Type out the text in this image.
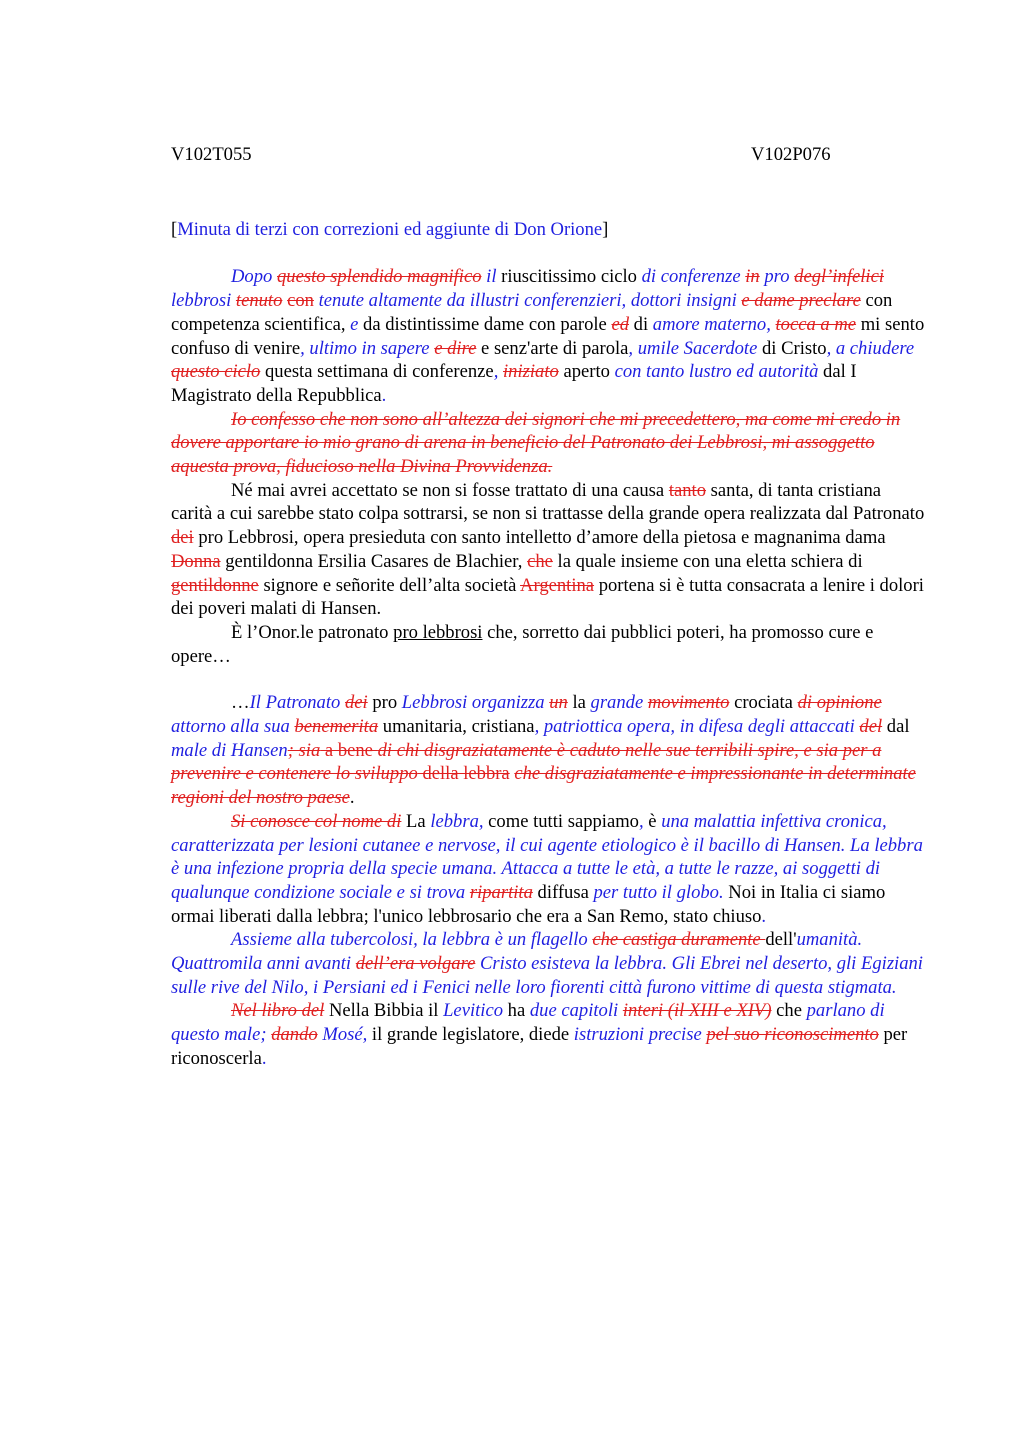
V102T055	V102P076
[Minuta di terzi con correzioni ed aggiunte di Don Orione]

Dopo questo splendido magnifico il riuscitissimo ciclo di conferenze in pro degl’infelici lebbrosi tenuto con tenute altamente da illustri conferenzieri, dottori insigni e dame preclare con competenza scientifica, e da distintissime dame con parole ed di amore materno, tocca a me mi sento confuso di venire, ultimo in sapere e dire e senz'arte di parola, umile Sacerdote di Cristo, a chiudere questo ciclo questa settimana di conferenze, iniziato aperto con tanto lustro ed autorità dal I Magistrato della Repubblica.

Io confesso che non sono all’altezza dei signori che mi precedettero, ma come mi credo in dovere apportare io mio grano di arena in beneficio del Patronato dei Lebbrosi, mi assoggetto aquesta prova, fiducioso nella Divina Provvidenza.

Né mai avrei accettato se non si fosse trattato di una causa tanto santa, di tanta cristiana carità a cui sarebbe stato colpa sottrarsi, se non si trattasse della grande opera realizzata dal Patronato dei pro Lebbrosi, opera presieduta con santo intelletto d’amore della pietosa e magnanima dama Donna gentildonna Ersilia Casares de Blachier, che la quale insieme con una eletta schiera di gentildonne signore e señorite dell’alta società Argentina portena si è tutta consacrata a lenire i dolori dei poveri malati di Hansen.

È l’Onor.le patronato pro lebbrosi che, sorretto dai pubblici poteri, ha promosso cure e opere…

…Il Patronato dei pro Lebbrosi organizza un la grande movimento crociata di opinione attorno alla sua benemerita umanitaria, cristiana, patriottica opera, in difesa degli attaccati del dal male di Hansen; sia a bene di chi disgraziatamente è caduto nelle sue terribili spire, e sia per a prevenire e contenere lo sviluppo della lebbra che disgraziatamente e impressionante in determinate regioni del nostro paese.

Si conosce col nome di La lebbra, come tutti sappiamo, è una malattia infettiva cronica, caratterizzata per lesioni cutanee e nervose, il cui agente etiologico è il bacillo di Hansen. La lebbra è una infezione propria della specie umana. Attacca a tutte le età, a tutte le razze, ai soggetti di qualunque condizione sociale e si trova ripartita diffusa per tutto il globo. Noi in Italia ci siamo ormai liberati dalla lebbra; l'unico lebbrosario che era a San Remo, stato chiuso.

Assieme alla tubercolosi, la lebbra è un flagello che castiga duramente dell'umanità. Quattromila anni avanti dell’era volgare Cristo esisteva la lebbra. Gli Ebrei nel deserto, gli Egiziani sulle rive del Nilo, i Persiani ed i Fenici nelle loro fiorenti città furono vittime di questa stigmata.

Nel libro del Nella Bibbia il Levitico ha due capitoli interi (il XIII e XIV) che parlano di questo male; dando Mosé, il grande legislatore, diede istruzioni precise pel suo riconoscimento per riconoscerla.
